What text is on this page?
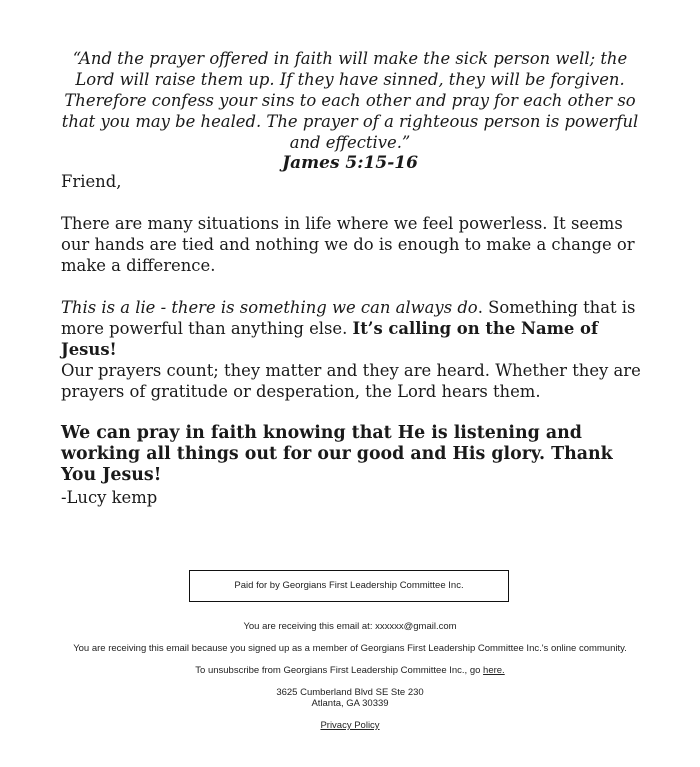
“And the prayer offered in faith will make the sick person well; the Lord will raise them up. If they have sinned, they will be forgiven. Therefore confess your sins to each other and pray for each other so that you may be healed. The prayer of a righteous person is powerful and effective.”
James 5:15-16
Friend,
There are many situations in life where we feel powerless. It seems our hands are tied and nothing we do is enough to make a change or make a difference.
This is a lie - there is something we can always do. Something that is more powerful than anything else. It’s calling on the Name of Jesus!
Our prayers count; they matter and they are heard. Whether they are prayers of gratitude or desperation, the Lord hears them.
We can pray in faith knowing that He is listening and working all things out for our good and His glory. Thank You Jesus!
-Lucy kemp
Paid for by Georgians First Leadership Committee Inc.
You are receiving this email at: xxxxxx@gmail.com
You are receiving this email because you signed up as a member of Georgians First Leadership Committee Inc.'s online community.
To unsubscribe from Georgians First Leadership Committee Inc., go here.
3625 Cumberland Blvd SE Ste 230
Atlanta, GA 30339
Privacy Policy
